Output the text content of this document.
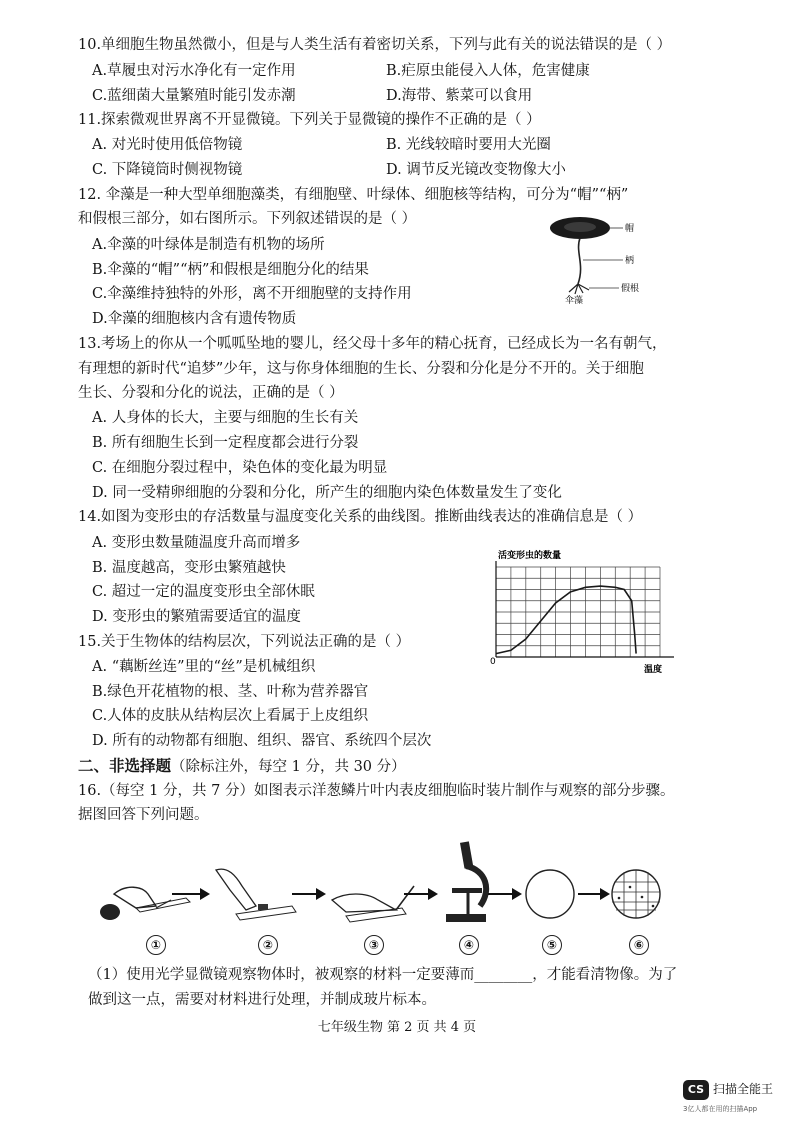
10.单细胞生物虽然微小，但是与人类生活有着密切关系，下列与此有关的说法错误的是（ ）
A.草履虫对污水净化有一定作用	B.疟原虫能侵入人体，危害健康
C.蓝细菌大量繁殖时能引发赤潮	D.海带、紫菜可以食用
11.探索微观世界离不开显微镜。下列关于显微镜的操作不正确的是（ ）
A. 对光时使用低倍物镜	B. 光线较暗时要用大光圈
C. 下降镜筒时侧视物镜	D. 调节反光镜改变物像大小
12. 伞藻是一种大型单细胞藻类，有细胞壁、叶绿体、细胞核等结构，可分为“帽”“柄”
和假根三部分，如右图所示。下列叙述错误的是（ ）
A.伞藻的叶绿体是制造有机物的场所
B.伞藻的“帽”“柄”和假根是细胞分化的结果
C.伞藻维持独特的外形，离不开细胞壁的支持作用
D.伞藻的细胞核内含有遗传物质
帽
柄
假根
伞藻
13.考场上的你从一个呱呱坠地的婴儿，经父母十多年的精心抚育，已经成长为一名有朝气，
有理想的新时代“追梦”少年，这与你身体细胞的生长、分裂和分化是分不开的。关于细胞
生长、分裂和分化的说法，正确的是（ ）
A. 人身体的长大，主要与细胞的生长有关
B. 所有细胞生长到一定程度都会进行分裂
C. 在细胞分裂过程中，染色体的变化最为明显
D. 同一受精卵细胞的分裂和分化，所产生的细胞内染色体数量发生了变化
14.如图为变形虫的存活数量与温度变化关系的曲线图。推断曲线表达的准确信息是（ ）
A. 变形虫数量随温度升高而增多
B. 温度越高，变形虫繁殖越快
C. 超过一定的温度变形虫全部休眠
D. 变形虫的繁殖需要适宜的温度
活变形虫的数量
0
温度
15.关于生物体的结构层次，下列说法正确的是（ ）
A. “藕断丝连”里的“丝”是机械组织
B.绿色开花植物的根、茎、叶称为营养器官
C.人体的皮肤从结构层次上看属于上皮组织
D. 所有的动物都有细胞、组织、器官、系统四个层次
二、非选择题（除标注外，每空 1 分，共 30 分）
16.（每空 1 分，共 7 分）如图表示洋葱鳞片叶内表皮细胞临时装片制作与观察的部分步骤。
据图回答下列问题。
①	②	③	④	⑤	⑥
（1）使用光学显微镜观察物体时，被观察的材料一定要薄而________，才能看清物像。为了
做到这一点，需要对材料进行处理，并制成玻片标本。
七年级生物 第 2 页 共 4 页
CS 扫描全能王
3亿人都在用的扫描App
